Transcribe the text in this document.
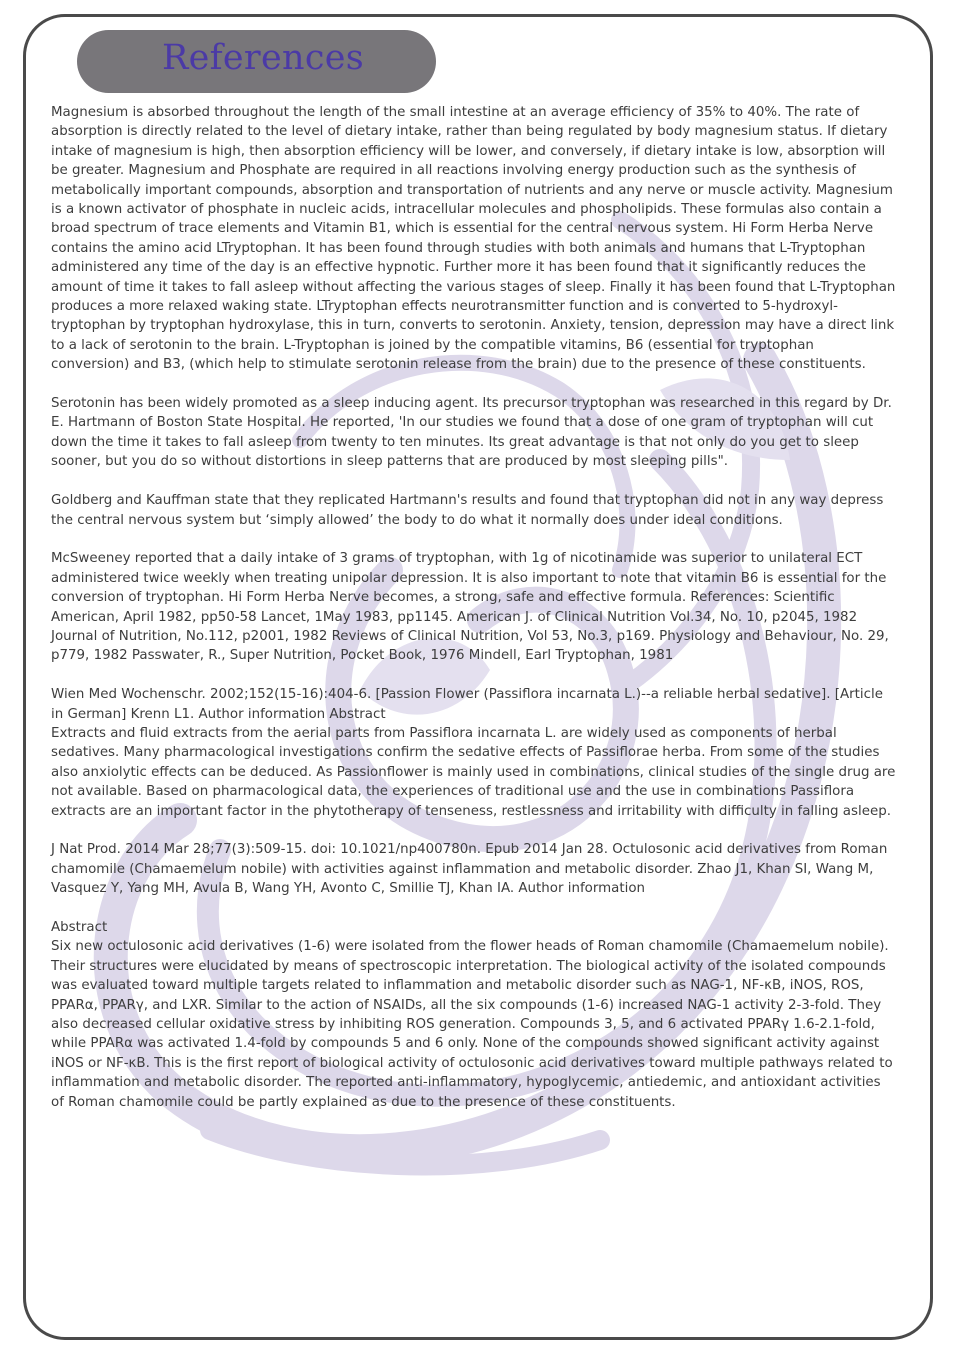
References

Magnesium is absorbed throughout the length of the small intestine at an average efficiency of 35% to 40%. The rate of absorption is directly related to the level of dietary intake, rather than being regulated by body magnesium status. If dietary intake of magnesium is high, then absorption efficiency will be lower, and conversely, if dietary intake is low, absorption will be greater. Magnesium and Phosphate are required in all reactions involving energy production such as the synthesis of metabolically important compounds, absorption and transportation of nutrients and any nerve or muscle activity. Magnesium is a known activator of phosphate in nucleic acids, intracellular molecules and phospholipids. These formulas also contain a broad spectrum of trace elements and Vitamin B1, which is essential for the central nervous system. Hi Form Herba Nerve contains the amino acid LTryptophan. It has been found through studies with both animals and humans that L-Tryptophan administered any time of the day is an effective hypnotic. Further more it has been found that it significantly reduces the amount of time it takes to fall asleep without affecting the various stages of sleep. Finally it has been found that L-Tryptophan produces a more relaxed waking state. LTryptophan effects neurotransmitter function and is converted to 5-hydroxyl-tryptophan by tryptophan hydroxylase, this in turn, converts to serotonin. Anxiety, tension, depression may have a direct link to a lack of serotonin to the brain. L-Tryptophan is joined by the compatible vitamins, B6 (essential for tryptophan conversion) and B3, (which help to stimulate serotonin release from the brain) due to the presence of these constituents.

Serotonin has been widely promoted as a sleep inducing agent. Its precursor tryptophan was researched in this regard by Dr. E. Hartmann of Boston State Hospital. He reported, 'In our studies we found that a dose of one gram of tryptophan will cut down the time it takes to fall asleep from twenty to ten minutes. Its great advantage is that not only do you get to sleep sooner, but you do so without distortions in sleep patterns that are produced by most sleeping pills".

Goldberg and Kauffman state that they replicated Hartmann's results and found that tryptophan did not in any way depress the central nervous system but ‘simply allowed’ the body to do what it normally does under ideal conditions.

McSweeney reported that a daily intake of 3 grams of tryptophan, with 1g of nicotinamide was superior to unilateral ECT administered twice weekly when treating unipolar depression. It is also important to note that vitamin B6 is essential for the conversion of tryptophan. Hi Form Herba Nerve becomes, a strong, safe and effective formula. References: Scientific American, April 1982, pp50-58 Lancet, 1May 1983, pp1145. American J. of Clinical Nutrition Vol.34, No. 10, p2045, 1982 Journal of Nutrition, No.112, p2001, 1982 Reviews of Clinical Nutrition, Vol 53, No.3, p169. Physiology and Behaviour, No. 29, p779, 1982 Passwater, R., Super Nutrition, Pocket Book, 1976 Mindell, Earl Tryptophan, 1981

Wien Med Wochenschr. 2002;152(15-16):404-6. [Passion Flower (Passiflora incarnata L.)--a reliable herbal sedative]. [Article in German] Krenn L1. Author information Abstract
Extracts and fluid extracts from the aerial parts from Passiflora incarnata L. are widely used as components of herbal sedatives. Many pharmacological investigations confirm the sedative effects of Passiflorae herba. From some of the studies also anxiolytic effects can be deduced. As Passionflower is mainly used in combinations, clinical studies of the single drug are not available. Based on pharmacological data, the experiences of traditional use and the use in combinations Passiflora extracts are an important factor in the phytotherapy of tenseness, restlessness and irritability with difficulty in falling asleep.

J Nat Prod. 2014 Mar 28;77(3):509-15. doi: 10.1021/np400780n. Epub 2014 Jan 28. Octulosonic acid derivatives from Roman chamomile (Chamaemelum nobile) with activities against inflammation and metabolic disorder. Zhao J1, Khan SI, Wang M, Vasquez Y, Yang MH, Avula B, Wang YH, Avonto C, Smillie TJ, Khan IA. Author information

Abstract
Six new octulosonic acid derivatives (1-6) were isolated from the flower heads of Roman chamomile (Chamaemelum nobile). Their structures were elucidated by means of spectroscopic interpretation. The biological activity of the isolated compounds was evaluated toward multiple targets related to inflammation and metabolic disorder such as NAG-1, NF-κB, iNOS, ROS, PPARα, PPARγ, and LXR. Similar to the action of NSAIDs, all the six compounds (1-6) increased NAG-1 activity 2-3-fold. They also decreased cellular oxidative stress by inhibiting ROS generation. Compounds 3, 5, and 6 activated PPARγ 1.6-2.1-fold, while PPARα was activated 1.4-fold by compounds 5 and 6 only. None of the compounds showed significant activity against iNOS or NF-κB. This is the first report of biological activity of octulosonic acid derivatives toward multiple pathways related to inflammation and metabolic disorder. The reported anti-inflammatory, hypoglycemic, antiedemic, and antioxidant activities of Roman chamomile could be partly explained as due to the presence of these constituents.
